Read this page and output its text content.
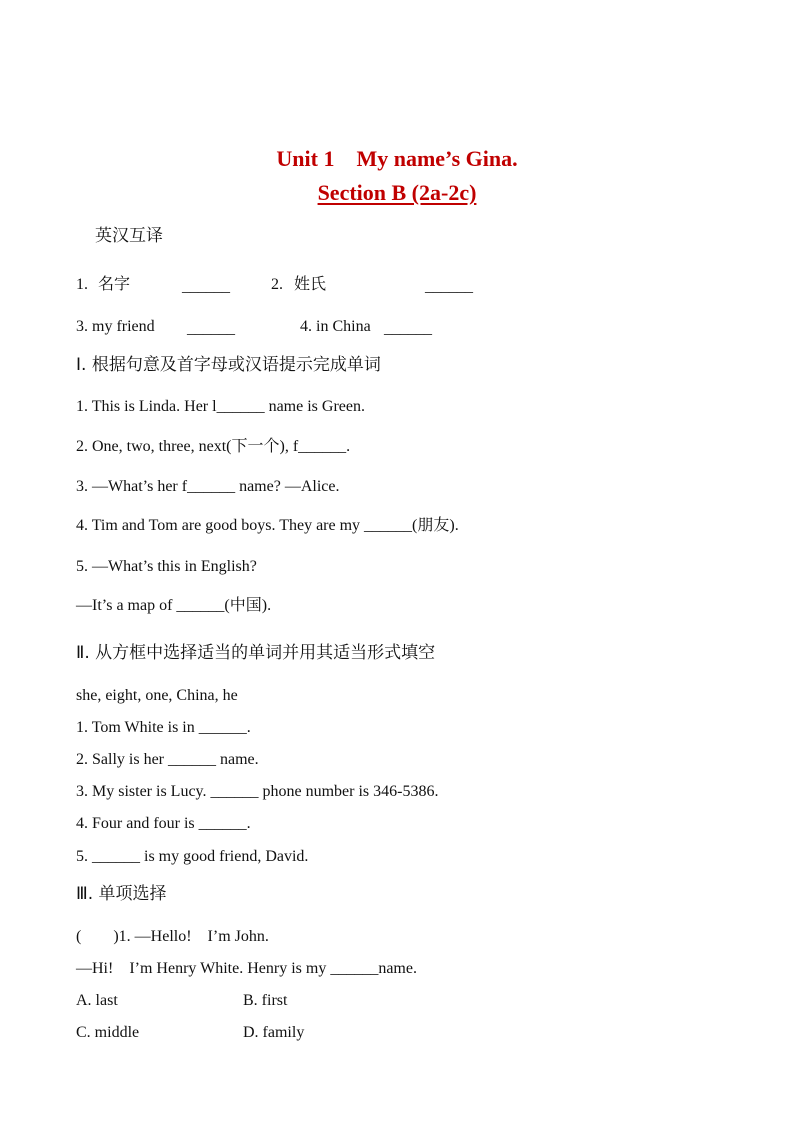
Unit 1    My name’s Gina.
Section B (2a-2c)
英汉互译
1. 名字	______	2. 姓氏	______
3. my friend ______	4. in China ______
Ⅰ. 根据句意及首字母或汉语提示完成单词
1. This is Linda. Her l______ name is Green.
2. One, two, three, next(下一个), f______.
3. —What’s her f______ name? —Alice.
4. Tim and Tom are good boys. They are my ______(朋友).
5. —What’s this in English?
—It’s a map of ______(中国).
Ⅱ. 从方框中选择适当的单词并用其适当形式填空
she, eight, one, China, he
1. Tom White is in ______.
2. Sally is her ______ name.
3. My sister is Lucy. ______ phone number is 346-5386.
4. Four and four is ______.
5. ______ is my good friend, David.
Ⅲ. 单项选择
(        )1. —Hello!    I’m John.
—Hi!    I’m Henry White. Henry is my ______name.
A. last	B. first
C. middle	D. family
